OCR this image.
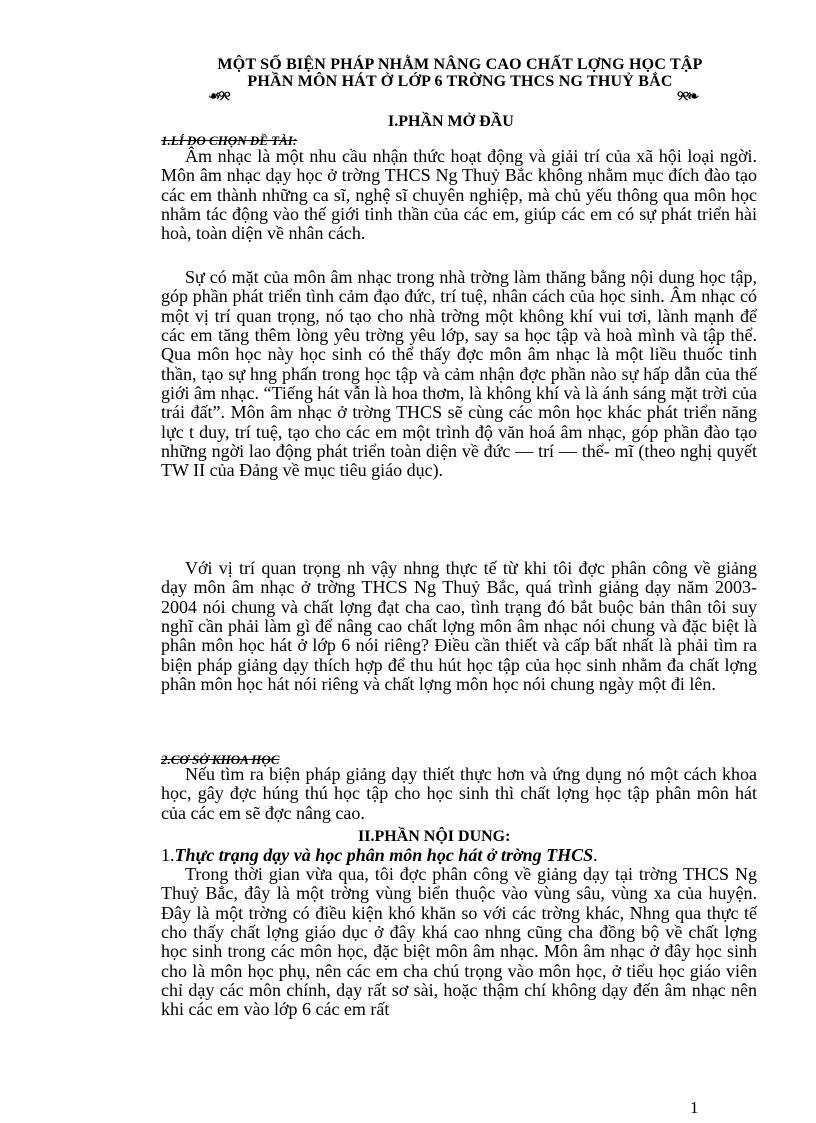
MỘT SỐ BIỆN PHÁP NHẰM NÂNG CAO CHẤT LỢNG HỌC TẬP
PHẦN MÔN HÁT Ở LỚP 6 TRỜNG THCS NG THUỶ BẮC
☙୨୧	୨୧❧
I.PHẦN MỞ ĐẦU
1.LÍ DO CHỌN ĐỀ TÀI:

Âm nhạc là một nhu cầu nhận thức hoạt động và giải trí của xã hội loại ngời. Môn âm nhạc dạy học ở trờng THCS Ng Thuỷ Bắc không nhằm mục đích đào tạo các em thành những ca sĩ, nghệ sĩ chuyên nghiệp, mà chủ yếu thông qua môn học nhằm tác động vào thế giới tinh thần của các em, giúp các em có sự phát triển hài hoà, toàn diện về nhân cách.

Sự có mặt của môn âm nhạc trong nhà trờng làm thăng bằng nội dung học tập, góp phần phát triển tình cảm đạo đức, trí tuệ, nhân cách của học sinh. Âm nhạc có một vị trí quan trọng, nó tạo cho nhà trờng một không khí vui tơi, lành mạnh để các em tăng thêm lòng yêu trờng yêu lớp, say sa học tập và hoà mình và tập thể. Qua môn học này học sinh có thể thấy đợc môn âm nhạc là một liều thuốc tinh thần, tạo sự hng phấn trong học tập và cảm nhận đợc phần nào sự hấp dẫn của thế giới âm nhạc. “Tiếng hát vẫn là hoa thơm, là không khí và là ánh sáng mặt trời của trái đất”. Môn âm nhạc ở trờng THCS sẽ cùng các môn học khác phát triển năng lực t duy, trí tuệ, tạo cho các em một trình độ văn hoá âm nhạc, góp phần đào tạo những ngời lao động phát triển toàn diện về đức — trí — thể- mĩ (theo nghị quyết TW II của Đảng về mục tiêu giáo dục).

Với vị trí quan trọng nh vậy nhng thực tế từ khi tôi đợc phân công về giảng dạy môn âm nhạc ở trờng THCS Ng Thuỷ Bắc, quá trình giảng dạy năm 2003-2004 nói chung và chất lợng đạt cha cao, tình trạng đó bắt buộc bản thân tôi suy nghĩ cần phải làm gì để nâng cao chất lợng môn âm nhạc nói chung và đặc biệt là phân môn học hát ở lớp 6 nói riêng? Điều cần thiết và cấp bất nhất là phải tìm ra biện pháp giảng dạy thích hợp để thu hút học tập của học sinh nhằm đa chất lợng phân môn học hát nói riêng và chất lợng môn học nói chung ngày một đi lên.

2.CƠ SỞ KHOA HỌC

Nếu tìm ra biện pháp giảng dạy thiết thực hơn và ứng dụng nó một cách khoa học, gây đợc húng thú học tập cho học sinh thì chất lợng học tập phân môn hát của các em sẽ đợc nâng cao.

II.PHẦN NỘI DUNG:
1.Thực trạng dạy và học phân môn học hát ở trờng THCS.

Trong thời gian vừa qua, tôi đợc phân công về giảng dạy tại trờng THCS Ng Thuỷ Bắc, đây là một trờng vùng biển thuộc vào vùng sâu, vùng xa của huyện. Đây là một trờng có điều kiện khó khăn so với các trờng khác, Nhng qua thực tế cho thấy chất lợng giáo dục ở đây khá cao nhng cũng cha đồng bộ về chất lợng học sinh trong các môn học, đặc biệt môn âm nhạc. Môn âm nhạc ở đây học sinh cho là môn học phụ, nên các em cha chú trọng vào môn học, ở tiểu học giáo viên chỉ dạy các môn chính, dạy rất sơ sài, hoặc thậm chí không dạy đến âm nhạc nên khi các em vào lớp 6 các em rất

1
